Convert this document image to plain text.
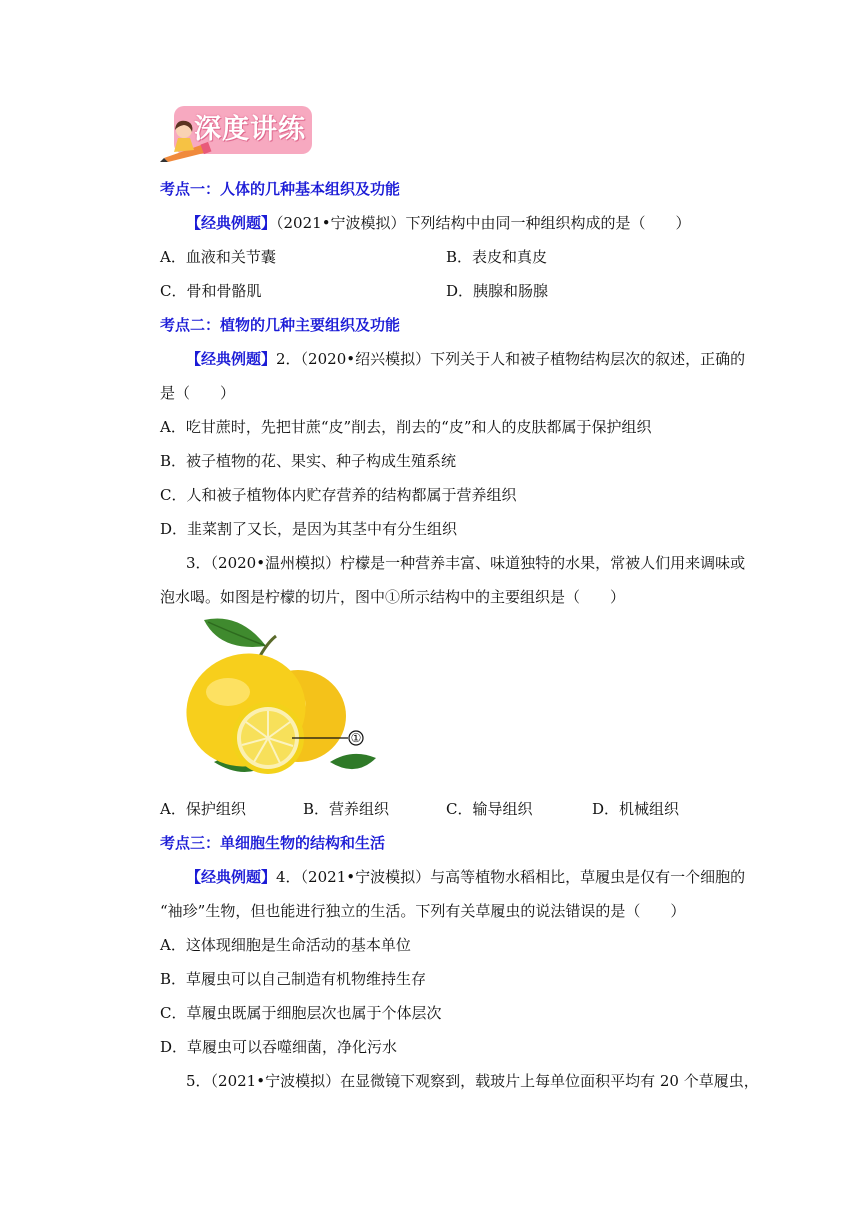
深度讲练
考点一：人体的几种基本组织及功能
【经典例题】（2021•宁波模拟）下列结构中由同一种组织构成的是（　　）
A．血液和关节囊	B．表皮和真皮
C．骨和骨骼肌	D．胰腺和肠腺
考点二：植物的几种主要组织及功能
【经典例题】2．（2020•绍兴模拟）下列关于人和被子植物结构层次的叙述，正确的
是（　　）
A．吃甘蔗时，先把甘蔗“皮”削去，削去的“皮”和人的皮肤都属于保护组织
B．被子植物的花、果实、种子构成生殖系统
C．人和被子植物体内贮存营养的结构都属于营养组织
D．韭菜割了又长，是因为其茎中有分生组织
3．（2020•温州模拟）柠檬是一种营养丰富、味道独特的水果，常被人们用来调味或
泡水喝。如图是柠檬的切片，图中①所示结构中的主要组织是（　　）
①
A．保护组织	B．营养组织	C．输导组织	D．机械组织
考点三：单细胞生物的结构和生活
【经典例题】4．（2021•宁波模拟）与高等植物水稻相比，草履虫是仅有一个细胞的
“袖珍”生物，但也能进行独立的生活。下列有关草履虫的说法错误的是（　　）
A．这体现细胞是生命活动的基本单位
B．草履虫可以自己制造有机物维持生存
C．草履虫既属于细胞层次也属于个体层次
D．草履虫可以吞噬细菌，净化污水
5．（2021•宁波模拟）在显微镜下观察到，载玻片上每单位面积平均有 20 个草履虫，
